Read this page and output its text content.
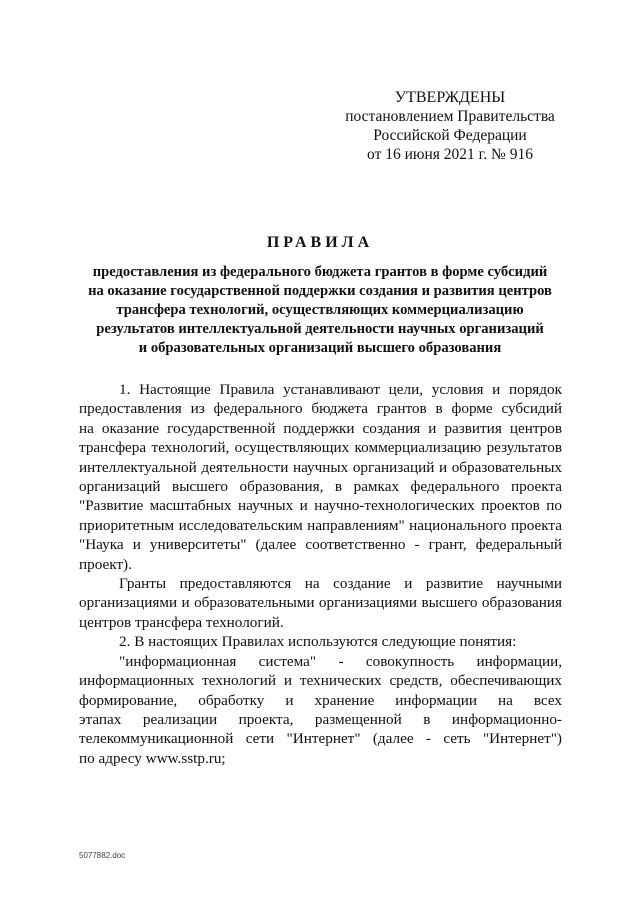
УТВЕРЖДЕНЫ
постановлением Правительства
Российской Федерации
от 16 июня 2021 г. № 916
ПРАВИЛА
предоставления из федерального бюджета грантов в форме субсидий
на оказание государственной поддержки создания и развития центров
трансфера технологий, осуществляющих коммерциализацию
результатов интеллектуальной деятельности научных организаций
и образовательных организаций высшего образования
1. Настоящие Правила устанавливают цели, условия и порядок
предоставления из федерального бюджета грантов в форме субсидий
на оказание государственной поддержки создания и развития центров
трансфера технологий, осуществляющих коммерциализацию результатов
интеллектуальной деятельности научных организаций и образовательных
организаций высшего образования, в рамках федерального проекта
"Развитие масштабных научных и научно-технологических проектов по
приоритетным исследовательским направлениям" национального проекта
"Наука и университеты" (далее соответственно - грант, федеральный
проект).
Гранты предоставляются на создание и развитие научными
организациями и образовательными организациями высшего образования
центров трансфера технологий.
2. В настоящих Правилах используются следующие понятия:
"информационная система" - совокупность информации,
информационных технологий и технических средств, обеспечивающих
формирование, обработку и хранение информации на всех
этапах реализации проекта, размещенной в информационно-
телекоммуникационной сети "Интернет" (далее - сеть "Интернет")
по адресу www.sstp.ru;
5077882.doc
